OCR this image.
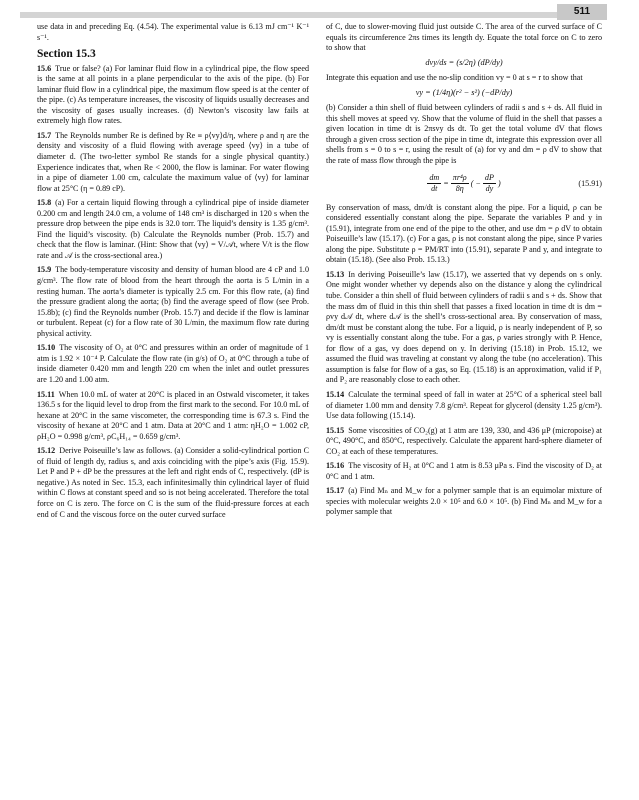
511

use data in and preceding Eq. (4.54). The experimental value is 6.13 mJ cm⁻¹ K⁻¹ s⁻¹.

Section 15.3

15.6 True or false? (a) For laminar fluid flow in a cylindrical pipe, the flow speed is the same at all points in a plane perpendicular to the axis of the pipe. (b) For laminar fluid flow in a cylindrical pipe, the maximum flow speed is at the center of the pipe. (c) As temperature increases, the viscosity of liquids usually decreases and the viscosity of gases usually increases. (d) Newton’s viscosity law fails at extremely high flow rates.

15.7 The Reynolds number Re is defined by Re ≡ ρ⟨vy⟩d/η, where ρ and η are the density and viscosity of a fluid flowing with average speed ⟨vy⟩ in a tube of diameter d. (The two-letter symbol Re stands for a single physical quantity.) Experience indicates that, when Re < 2000, the flow is laminar. For water flowing in a pipe of diameter 1.00 cm, calculate the maximum value of ⟨vy⟩ for laminar flow at 25°C (η = 0.89 cP).

15.8 (a) For a certain liquid flowing through a cylindrical pipe of inside diameter 0.200 cm and length 24.0 cm, a volume of 148 cm³ is discharged in 120 s when the pressure drop between the pipe ends is 32.0 torr. The liquid’s density is 1.35 g/cm³. Find the liquid’s viscosity. (b) Calculate the Reynolds number (Prob. 15.7) and check that the flow is laminar. (Hint: Show that ⟨vy⟩ = V/𝒜t, where V/t is the flow rate and 𝒜 is the cross-sectional area.)

15.9 The body-temperature viscosity and density of human blood are 4 cP and 1.0 g/cm³. The flow rate of blood from the heart through the aorta is 5 L/min in a resting human. The aorta’s diameter is typically 2.5 cm. For this flow rate, (a) find the pressure gradient along the aorta; (b) find the average speed of flow (see Prob. 15.8b); (c) find the Reynolds number (Prob. 15.7) and decide if the flow is laminar or turbulent. Repeat (c) for a flow rate of 30 L/min, the maximum flow rate during physical activity.

15.10 The viscosity of O₂ at 0°C and pressures within an order of magnitude of 1 atm is 1.92 × 10⁻⁴ P. Calculate the flow rate (in g/s) of O₂ at 0°C through a tube of inside diameter 0.420 mm and length 220 cm when the inlet and outlet pressures are 1.20 and 1.00 atm.

15.11 When 10.0 mL of water at 20°C is placed in an Ostwald viscometer, it takes 136.5 s for the liquid level to drop from the first mark to the second. For 10.0 mL of hexane at 20°C in the same viscometer, the corresponding time is 67.3 s. Find the viscosity of hexane at 20°C and 1 atm. Data at 20°C and 1 atm: ηH₂O = 1.002 cP, ρH₂O = 0.998 g/cm³, ρC₆H₁₄ = 0.659 g/cm³.

15.12 Derive Poiseuille’s law as follows. (a) Consider a solid-cylindrical portion C of fluid of length dy, radius s, and axis coinciding with the pipe’s axis (Fig. 15.9). Let P and P + dP be the pressures at the left and right ends of C, respectively. (dP is negative.) As noted in Sec. 15.3, each infinitesimally thin cylindrical layer of fluid within C flows at constant speed and so is not being accelerated. Therefore the total force on C is zero. The force on C is the sum of the fluid-pressure forces at each end of C and the viscous force on the outer curved surface

of C, due to slower-moving fluid just outside C. The area of the curved surface of C equals its circumference 2πs times its length dy. Equate the total force on C to zero to show that

dvy/ds = (s/2η) (dP/dy)

Integrate this equation and use the no-slip condition vy = 0 at s = r to show that

vy = (1/4η)(r² − s²) (−dP/dy)

(b) Consider a thin shell of fluid between cylinders of radii s and s + ds. All fluid in this shell moves at speed vy. Show that the volume of fluid in the shell that passes a given location in time dt is 2πsvy ds dt. To get the total volume dV that flows through a given cross section of the pipe in time dt, integrate this expression over all shells from s = 0 to s = r, using the result of (a) for vy and dm = ρ dV to show that the rate of mass flow through the pipe is

$\frac{dm}{dt} = \frac{\text{πr⁴ρ}}{8\eta}$ ( − $\frac{dP}{dy}$ )	(15.91)

By conservation of mass, dm/dt is constant along the pipe. For a liquid, ρ can be considered essentially constant along the pipe. Separate the variables P and y in (15.91), integrate from one end of the pipe to the other, and use dm = ρ dV to obtain Poiseuille’s law (15.17). (c) For a gas, ρ is not constant along the pipe, since P varies along the pipe. Substitute ρ = PM/RT into (15.91), separate P and y, and integrate to obtain (15.18). (See also Prob. 15.13.)

15.13 In deriving Poiseuille’s law (15.17), we asserted that vy depends on s only. One might wonder whether vy depends also on the distance y along the cylindrical tube. Consider a thin shell of fluid between cylinders of radii s and s + ds. Show that the mass dm of fluid in this thin shell that passes a fixed location in time dt is dm = ρvy d𝒜 dt, where d𝒜 is the shell’s cross-sectional area. By conservation of mass, dm/dt must be constant along the tube. For a liquid, ρ is nearly independent of P, so vy is essentially constant along the tube. For a gas, ρ varies strongly with P. Hence, for flow of a gas, vy does depend on y. In deriving (15.18) in Prob. 15.12, we assumed the fluid was traveling at constant vy along the tube (no acceleration). This assumption is false for flow of a gas, so Eq. (15.18) is an approximation, valid if P₁ and P₂ are reasonably close to each other.

15.14 Calculate the terminal speed of fall in water at 25°C of a spherical steel ball of diameter 1.00 mm and density 7.8 g/cm³. Repeat for glycerol (density 1.25 g/cm³). Use data following (15.14).

15.15 Some viscosities of CO₂(g) at 1 atm are 139, 330, and 436 μP (micropoise) at 0°C, 490°C, and 850°C, respectively. Calculate the apparent hard-sphere diameter of CO₂ at each of these temperatures.

15.16 The viscosity of H₂ at 0°C and 1 atm is 8.53 μPa s. Find the viscosity of D₂ at 0°C and 1 atm.

15.17 (a) Find Mₙ and M_w for a polymer sample that is an equimolar mixture of species with molecular weights 2.0 × 10⁵ and 6.0 × 10⁵. (b) Find Mₙ and M_w for a polymer sample that
